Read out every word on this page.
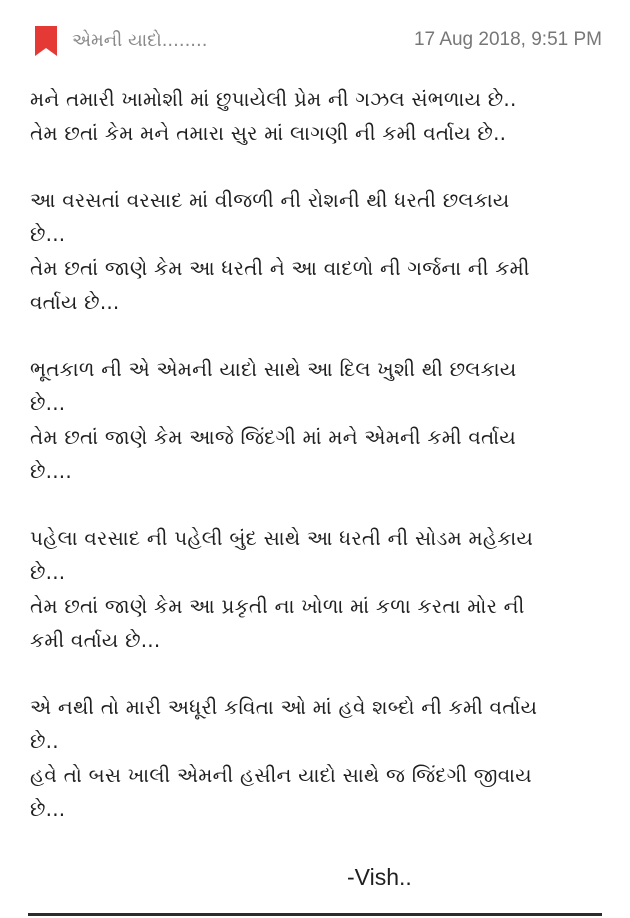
એમની યાદો........	17 Aug 2018, 9:51 PM
મને તમારી ખામોશી માં છુપાયેલી પ્રેમ ની ગઝલ સંભળાય છે..
તેમ છતાં કેમ મને તમારા સુર માં લાગણી ની કમી વર્તાય છે..
આ વરસતાં વરસાદ માં વીજળી ની રોશની થી ધરતી છલકાય
છે...
તેમ છતાં જાણે કેમ આ ધરતી ને આ વાદળો ની ગર્જના ની કમી
વર્તાય છે...
ભૂતકાળ ની એ એમની યાદો સાથે આ દિલ ખુશી થી છલકાય
છે...
તેમ છતાં જાણે કેમ આજે જિંદગી માં મને એમની કમી વર્તાય
છે....
પહેલા વરસાદ ની પહેલી બુંદ સાથે આ ધરતી ની સોડમ મહેકાય
છે...
તેમ છતાં જાણે કેમ આ પ્રકૃતી ના ખોળા માં કળા કરતા મોર ની
કમી વર્તાય છે...
એ નથી તો મારી અધૂરી કવિતા ઓ માં હવે શબ્દો ની કમી વર્તાય
છે..
હવે તો બસ ખાલી એમની હસીન યાદો સાથે જ જિંદગી જીવાય
છે...
-Vish..
